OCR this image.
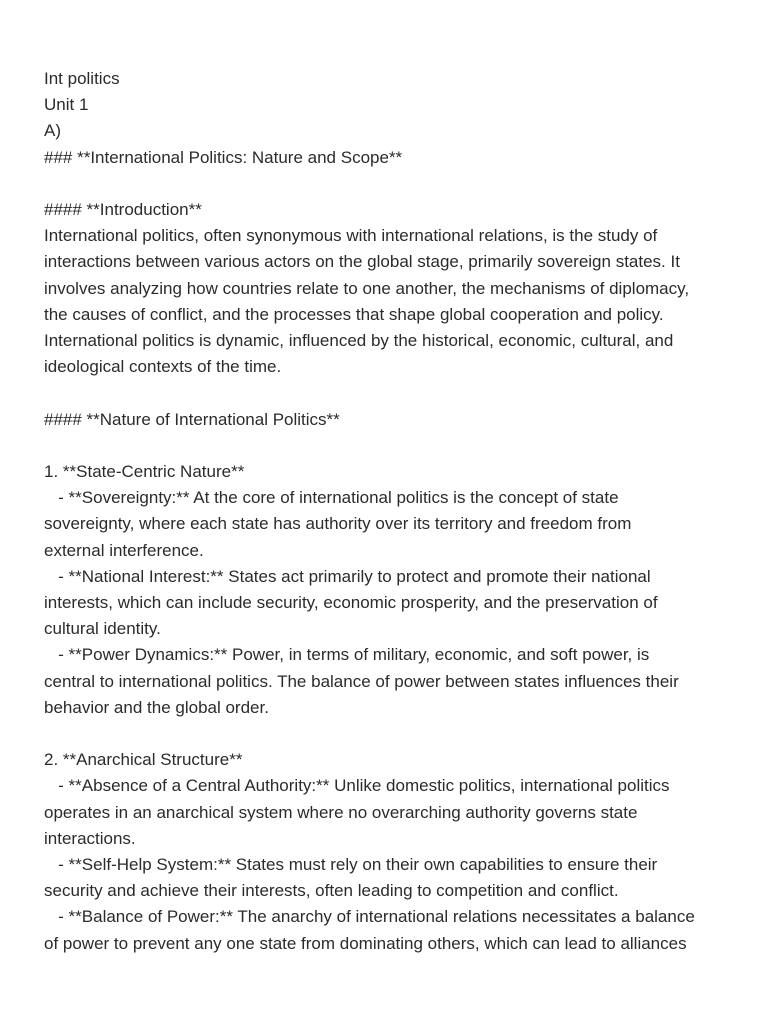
Int politics
Unit 1
A)
### **International Politics: Nature and Scope**
#### **Introduction**
International politics, often synonymous with international relations, is the study of
interactions between various actors on the global stage, primarily sovereign states. It
involves analyzing how countries relate to one another, the mechanisms of diplomacy,
the causes of conflict, and the processes that shape global cooperation and policy.
International politics is dynamic, influenced by the historical, economic, cultural, and
ideological contexts of the time.
#### **Nature of International Politics**
1. **State-Centric Nature**
- **Sovereignty:** At the core of international politics is the concept of state
sovereignty, where each state has authority over its territory and freedom from
external interference.
- **National Interest:** States act primarily to protect and promote their national
interests, which can include security, economic prosperity, and the preservation of
cultural identity.
- **Power Dynamics:** Power, in terms of military, economic, and soft power, is
central to international politics. The balance of power between states influences their
behavior and the global order.
2. **Anarchical Structure**
- **Absence of a Central Authority:** Unlike domestic politics, international politics
operates in an anarchical system where no overarching authority governs state
interactions.
- **Self-Help System:** States must rely on their own capabilities to ensure their
security and achieve their interests, often leading to competition and conflict.
- **Balance of Power:** The anarchy of international relations necessitates a balance
of power to prevent any one state from dominating others, which can lead to alliances
